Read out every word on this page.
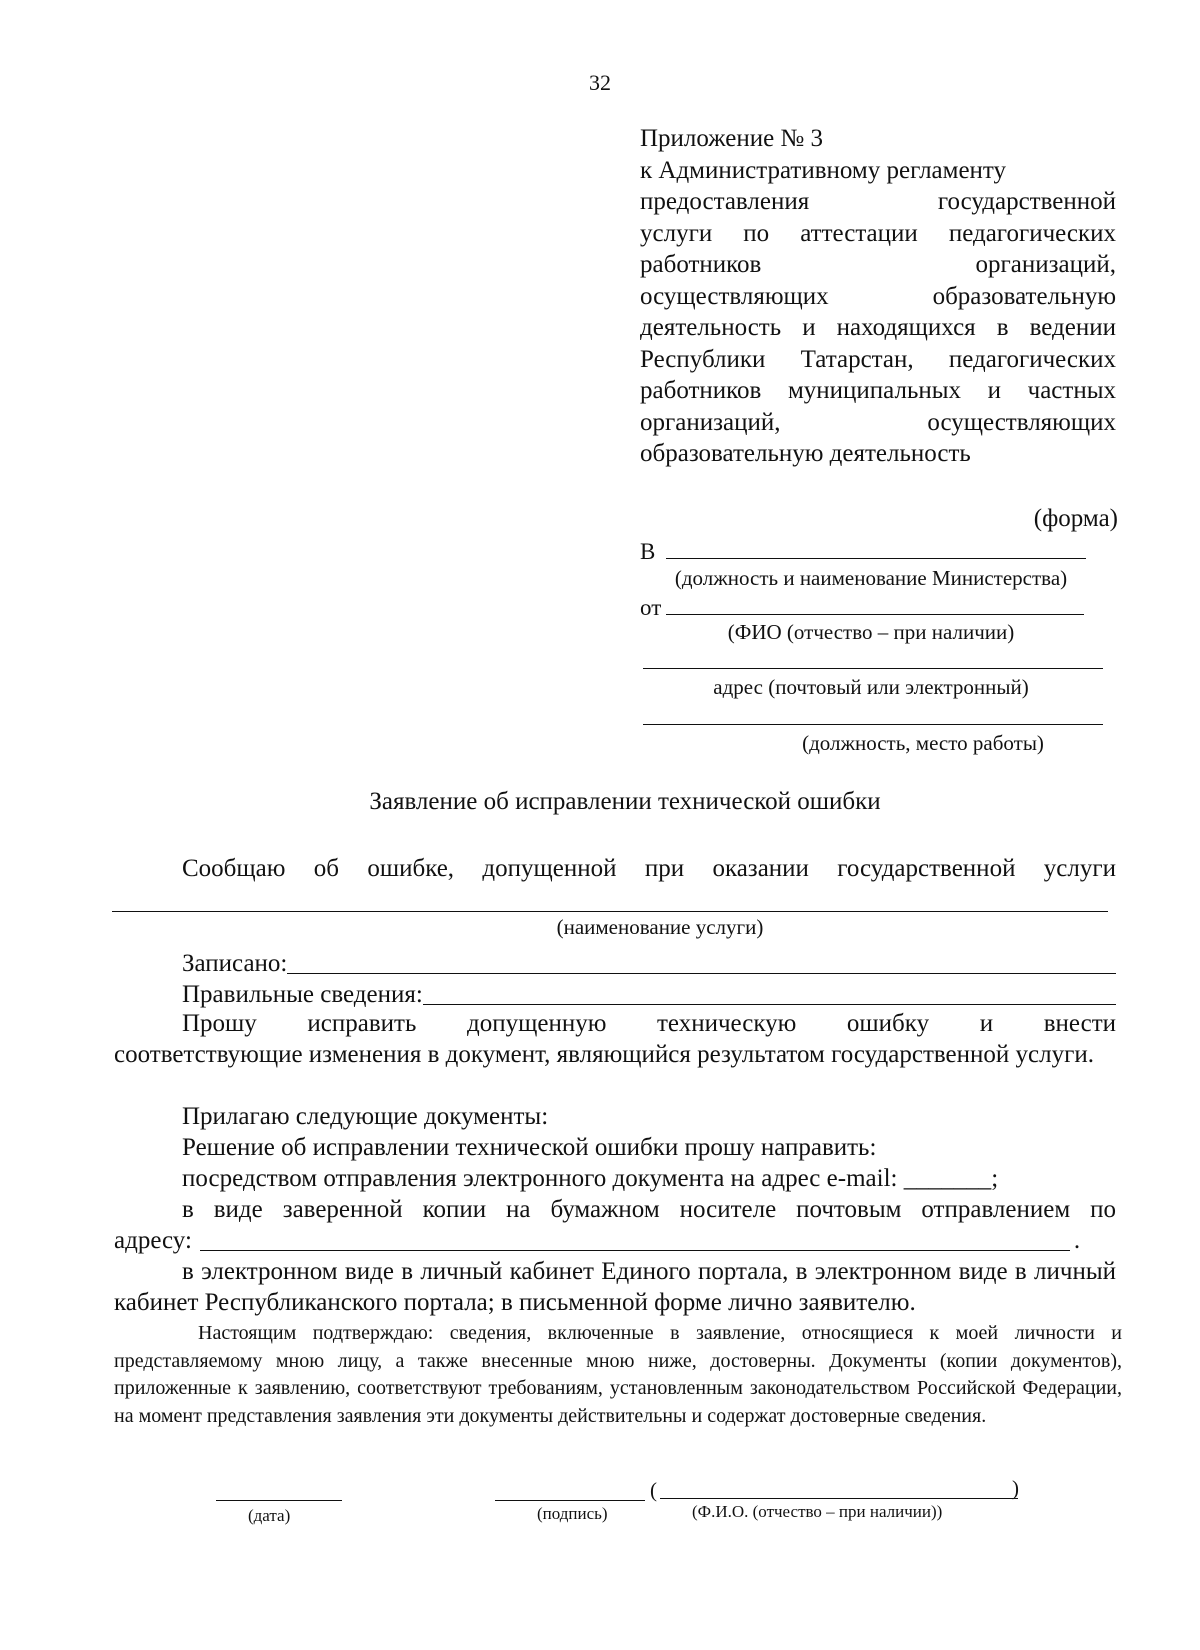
32
Приложение № 3
к Административному регламенту
предоставления государственной
услуги по аттестации педагогических
работников организаций,
осуществляющих образовательную
деятельность и находящихся в ведении
Республики Татарстан, педагогических
работников муниципальных и частных
организаций, осуществляющих
образовательную деятельность
(форма)
В
(должность и наименование Министерства)
от
(ФИО (отчество – при наличии)
адрес (почтовый или электронный)
(должность, место работы)
Заявление об исправлении технической ошибки
Сообщаю об ошибке, допущенной при оказании государственной услуги
(наименование услуги)
Записано:
Правильные сведения:
Прошу исправить допущенную техническую ошибку и внести
соответствующие изменения в документ, являющийся результатом государственной услуги.
Прилагаю следующие документы:
Решение об исправлении технической ошибки прошу направить:
посредством отправления электронного документа на адрес e-mail: _______;
в виде заверенной копии на бумажном носителе почтовым отправлением по
адресу:	.
в электронном виде в личный кабинет Единого портала, в электронном виде в личный кабинет Республиканского портала; в письменной форме лично заявителю.
Настоящим подтверждаю: сведения, включенные в заявление, относящиеся к моей личности и представляемому мною лицу, а также внесенные мною ниже, достоверны. Документы (копии документов), приложенные к заявлению, соответствуют требованиям, установленным законодательством Российской Федерации, на момент представления заявления эти документы действительны и содержат достоверные сведения.
(дата)	(подпись)
(	)
(Ф.И.О. (отчество – при наличии))
